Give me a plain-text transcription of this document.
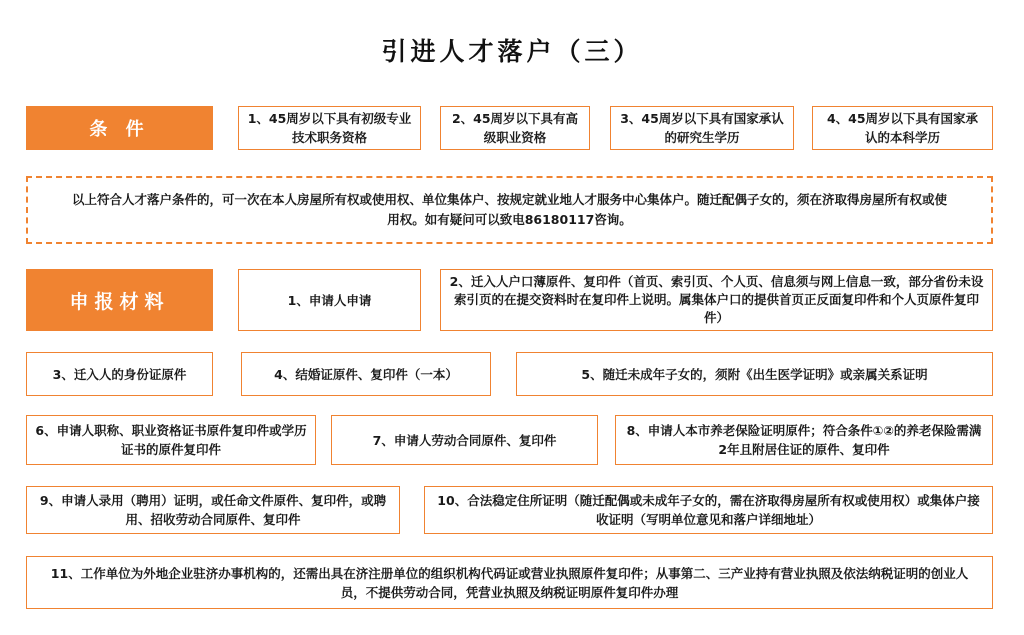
引进人才落户（三）
条 件
1、45周岁以下具有初级专业技术职务资格
2、45周岁以下具有高级职业资格
3、45周岁以下具有国家承认的研究生学历
4、45周岁以下具有国家承认的本科学历
以上符合人才落户条件的，可一次在本人房屋所有权或使用权、单位集体户、按规定就业地人才服务中心集体户。随迁配偶子女的，须在济取得房屋所有权或使用权。如有疑问可以致电86180117咨询。
申报材料	1、申请人申请
2、迁入人户口薄原件、复印件（首页、索引页、个人页、信息须与网上信息一致，部分省份未设索引页的在提交资料时在复印件上说明。属集体户口的提供首页正反面复印件和个人页原件复印件）
3、迁入人的身份证原件	4、结婚证原件、复印件（一本）	5、随迁未成年子女的，须附《出生医学证明》或亲属关系证明
6、申请人职称、职业资格证书原件复印件或学历证书的原件复印件
7、申请人劳动合同原件、复印件
8、申请人本市养老保险证明原件；符合条件①②的养老保险需满2年且附居住证的原件、复印件
9、申请人录用（聘用）证明，或任命文件原件、复印件，或聘用、招收劳动合同原件、复印件
10、合法稳定住所证明（随迁配偶或未成年子女的，需在济取得房屋所有权或使用权）或集体户接收证明（写明单位意见和落户详细地址）
11、工作单位为外地企业驻济办事机构的，还需出具在济注册单位的组织机构代码证或营业执照原件复印件；从事第二、三产业持有营业执照及依法纳税证明的创业人员，不提供劳动合同，凭营业执照及纳税证明原件复印件办理
